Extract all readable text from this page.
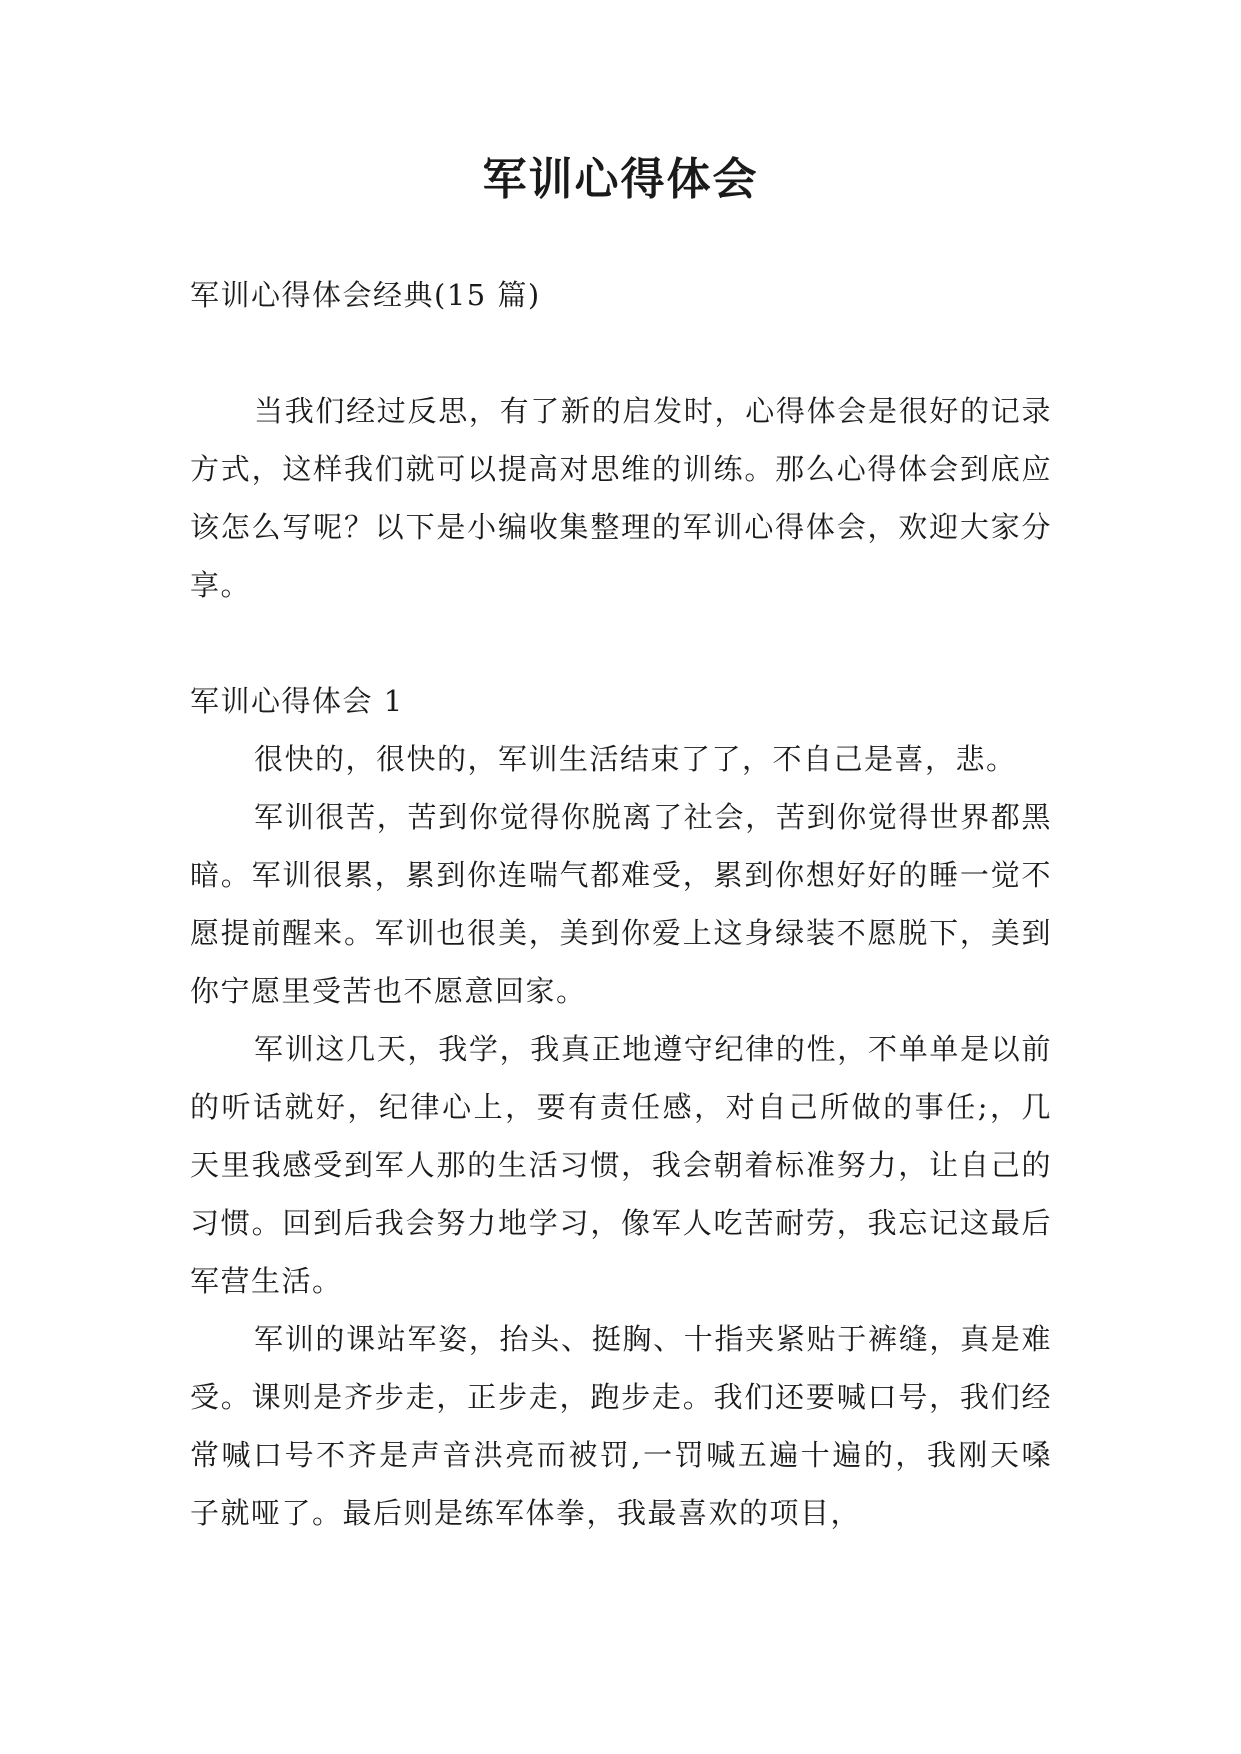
军训心得体会

军训心得体会经典(15 篇)

当我们经过反思，有了新的启发时，心得体会是很好的记录方式，这样我们就可以提高对思维的训练。那么心得体会到底应该怎么写呢？以下是小编收集整理的军训心得体会，欢迎大家分享。

军训心得体会 1

很快的，很快的，军训生活结束了了，不自己是喜，悲。

军训很苦，苦到你觉得你脱离了社会，苦到你觉得世界都黑暗。军训很累，累到你连喘气都难受，累到你想好好的睡一觉不愿提前醒来。军训也很美，美到你爱上这身绿装不愿脱下，美到你宁愿里受苦也不愿意回家。

军训这几天，我学，我真正地遵守纪律的性，不单单是以前的听话就好，纪律心上，要有责任感，对自己所做的事任;，几天里我感受到军人那的生活习惯，我会朝着标准努力，让自己的习惯。回到后我会努力地学习，像军人吃苦耐劳，我忘记这最后军营生活。

军训的课站军姿，抬头、挺胸、十指夹紧贴于裤缝，真是难受。课则是齐步走，正步走，跑步走。我们还要喊口号，我们经常喊口号不齐是声音洪亮而被罚,一罚喊五遍十遍的，我刚天嗓子就哑了。最后则是练军体拳，我最喜欢的项目，
